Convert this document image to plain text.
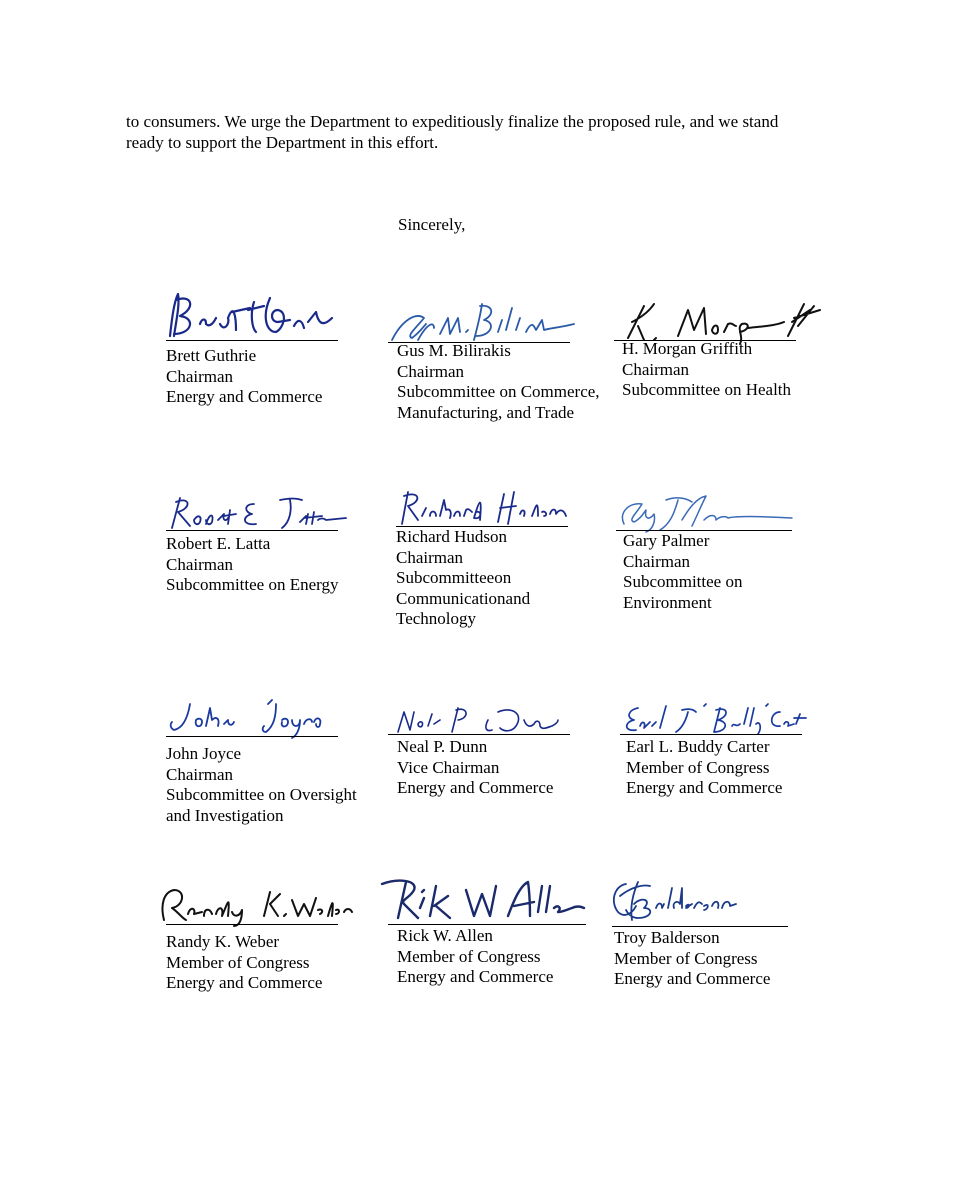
to consumers. We urge the Department to expeditiously finalize the proposed rule, and we stand
ready to support the Department in this effort.

Sincerely,
Brett Guthrie
Chairman
Energy and Commerce
Gus M. Bilirakis
Chairman
Subcommittee on Commerce,
Manufacturing, and Trade
H. Morgan Griffith
Chairman
Subcommittee on Health
Robert E. Latta
Chairman
Subcommittee on Energy
Richard Hudson
Chairman
Subcommitteeon
Communicationand
Technology
Gary Palmer
Chairman
Subcommittee on
Environment
John Joyce
Chairman
Subcommittee on Oversight
and Investigation
Neal P. Dunn
Vice Chairman
Energy and Commerce
Earl L. Buddy Carter
Member of Congress
Energy and Commerce
Randy K. Weber
Member of Congress
Energy and Commerce
Rick W. Allen
Member of Congress
Energy and Commerce
Troy Balderson
Member of Congress
Energy and Commerce
